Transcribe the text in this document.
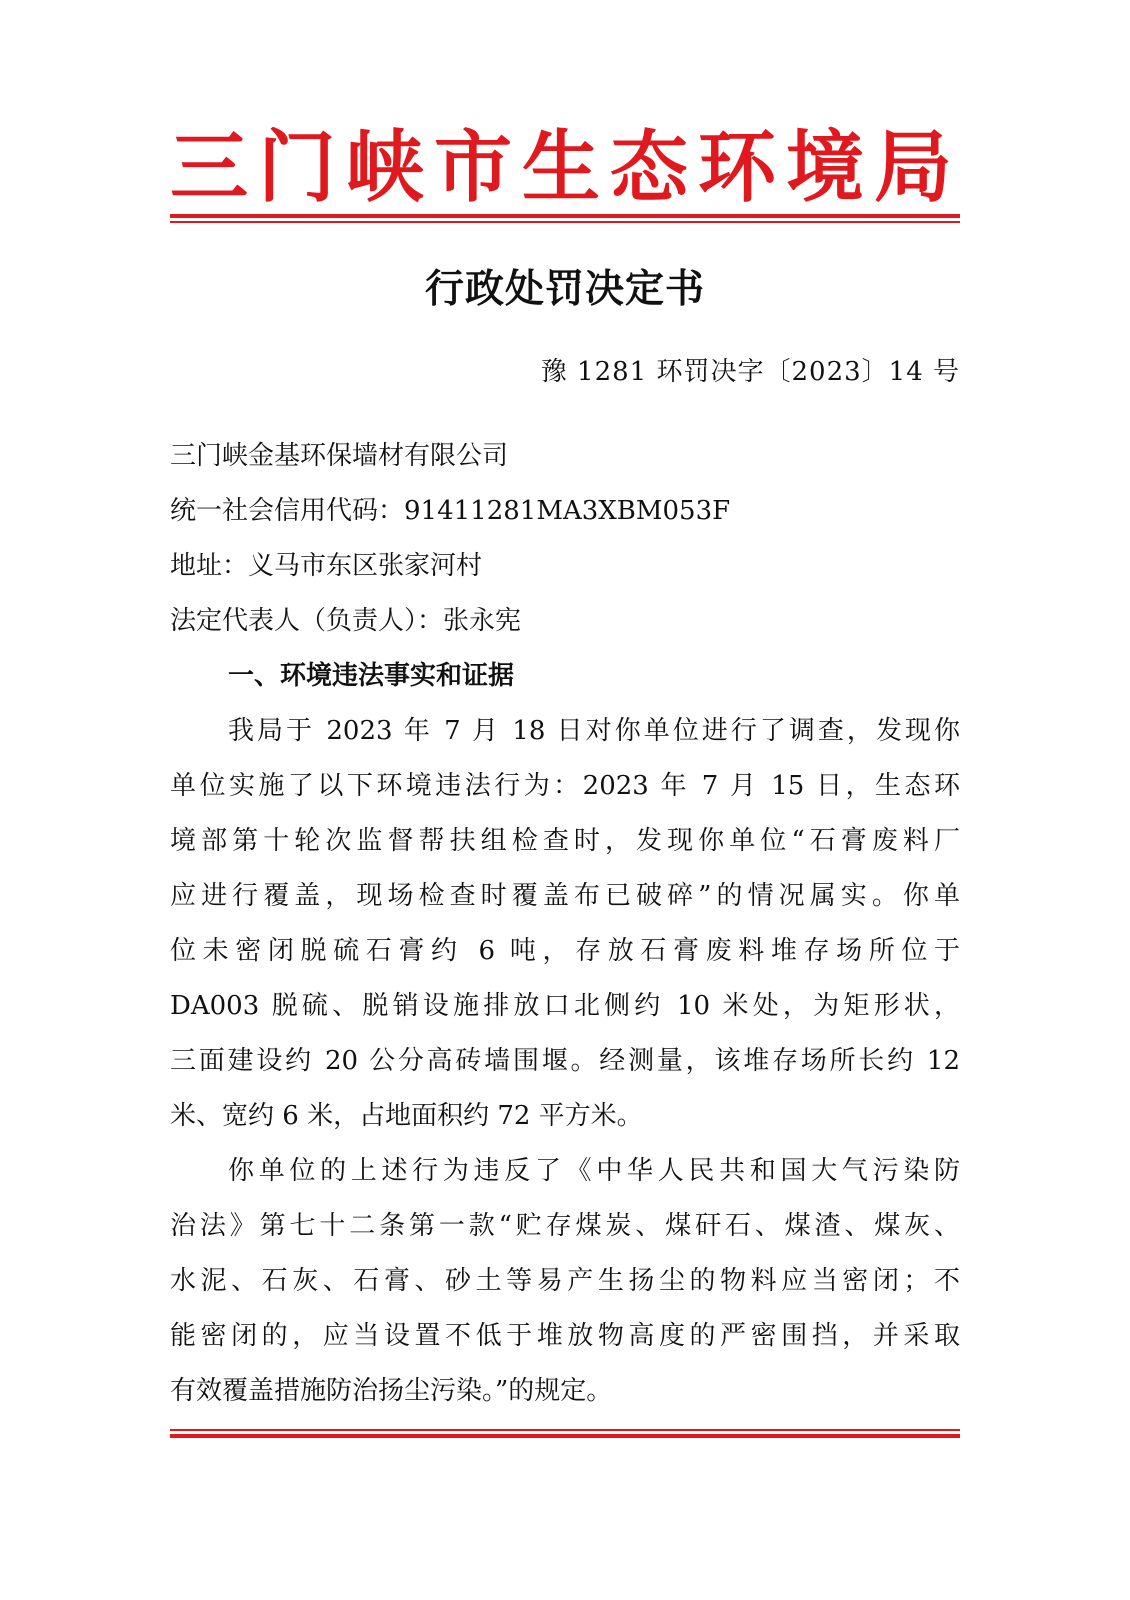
三门峡市生态环境局
行政处罚决定书
豫 1281 环罚决字〔2023〕14 号
三门峡金基环保墙材有限公司
统一社会信用代码：91411281MA3XBM053F
地址：义马市东区张家河村
法定代表人（负责人）：张永宪
一、环境违法事实和证据
我局于 2023 年 7 月 18 日对你单位进行了调查，发现你
单位实施了以下环境违法行为：2023 年 7 月 15 日，生态环
境部第十轮次监督帮扶组检查时，发现你单位“石膏废料厂
应进行覆盖，现场检查时覆盖布已破碎”的情况属实。你单
位未密闭脱硫石膏约 6 吨，存放石膏废料堆存场所位于
DA003 脱硫、脱销设施排放口北侧约 10 米处，为矩形状，
三面建设约 20 公分高砖墙围堰。经测量，该堆存场所长约 12
米、宽约 6 米，占地面积约 72 平方米。
你单位的上述行为违反了《中华人民共和国大气污染防
治法》第七十二条第一款“贮存煤炭、煤矸石、煤渣、煤灰、
水泥、石灰、石膏、砂土等易产生扬尘的物料应当密闭；不
能密闭的，应当设置不低于堆放物高度的严密围挡，并采取
有效覆盖措施防治扬尘污染。”的规定。
